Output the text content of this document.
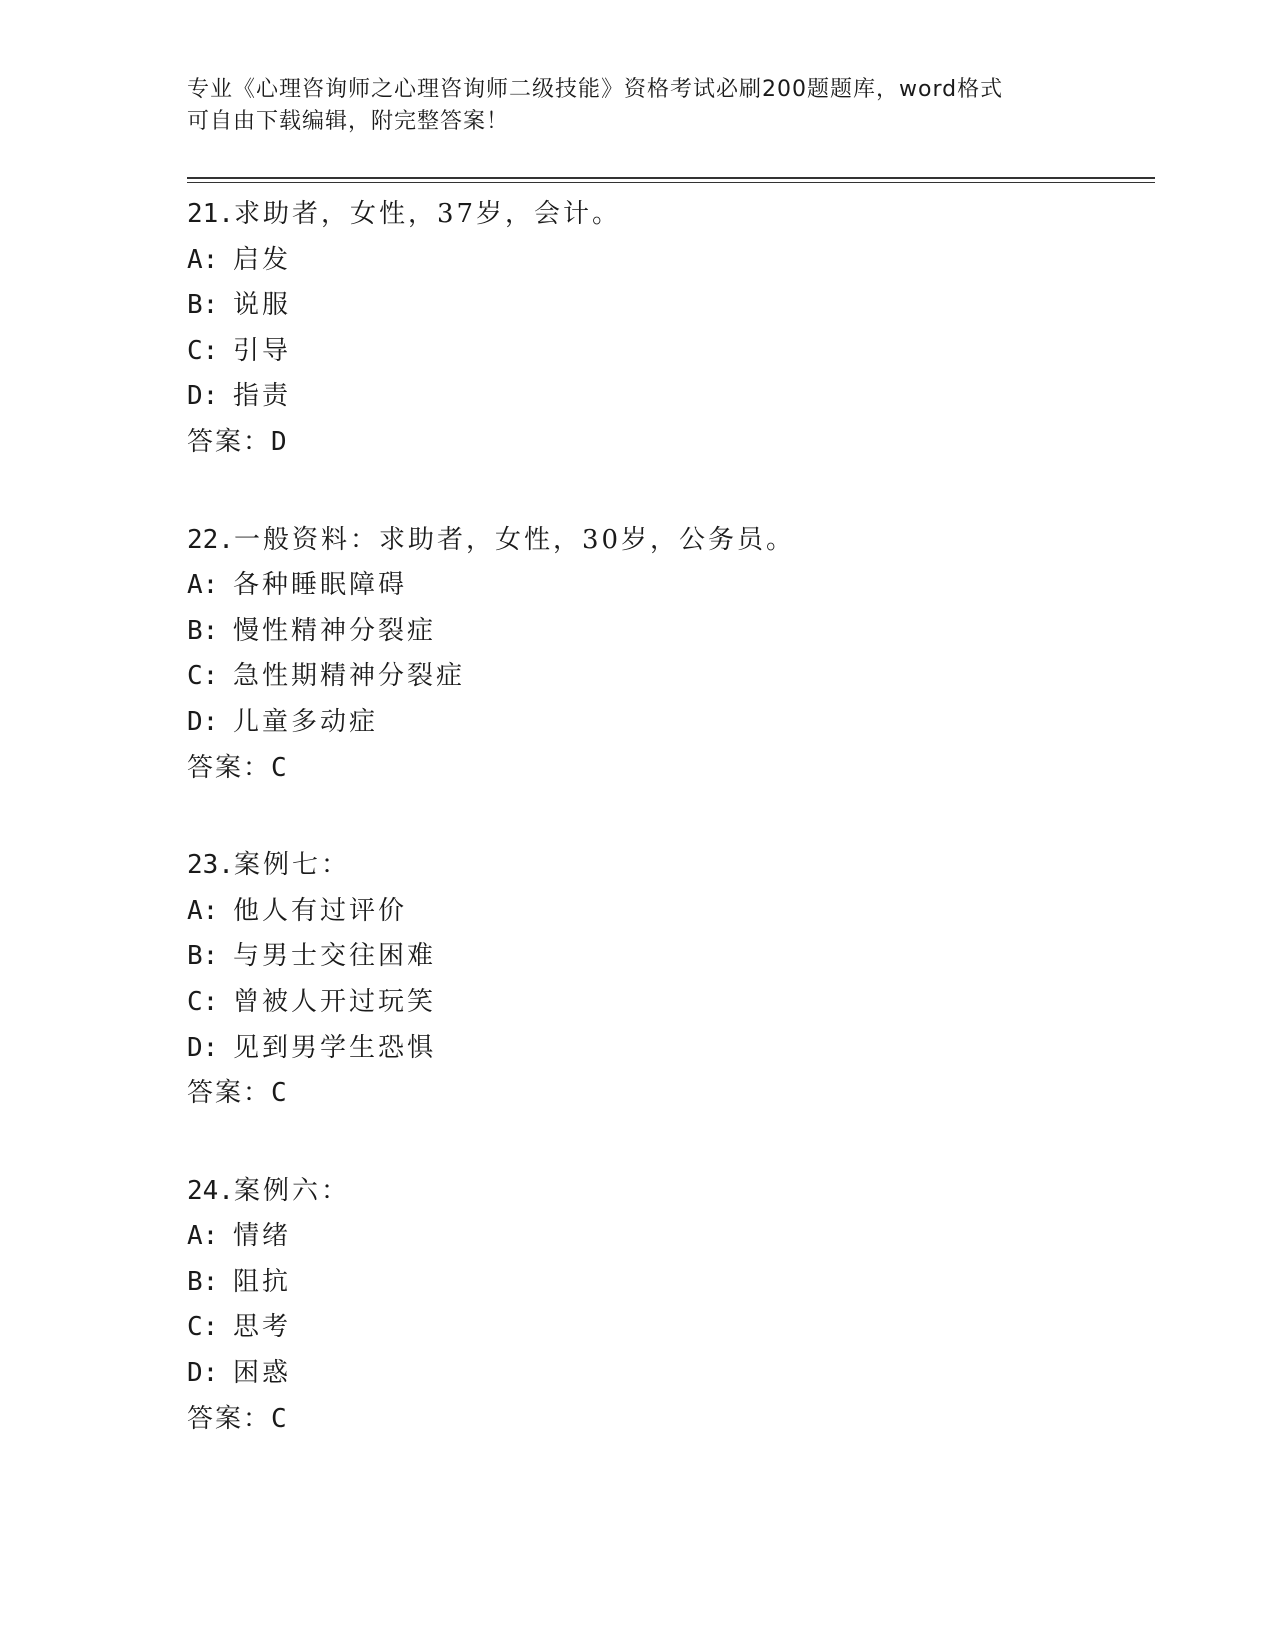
专业《心理咨询师之心理咨询师二级技能》资格考试必刷200题题库，word格式
可自由下载编辑，附完整答案！
21.求助者，女性，37岁，会计。
A: 启发
B: 说服
C: 引导
D: 指责
答案：D
22.一般资料：求助者，女性，30岁，公务员。
A: 各种睡眠障碍
B: 慢性精神分裂症
C: 急性期精神分裂症
D: 儿童多动症
答案：C
23.案例七：
A: 他人有过评价
B: 与男士交往困难
C: 曾被人开过玩笑
D: 见到男学生恐惧
答案：C
24.案例六：
A: 情绪
B: 阻抗
C: 思考
D: 困惑
答案：C
